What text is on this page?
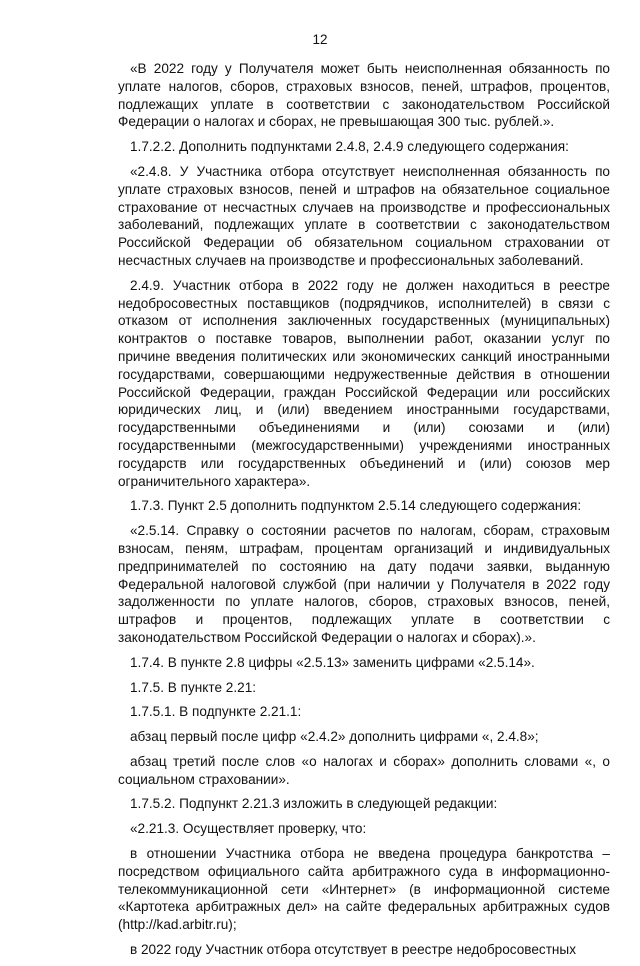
12

«В 2022 году у Получателя может быть неисполненная обязанность по уплате налогов, сборов, страховых взносов, пеней, штрафов, процентов, подлежащих уплате в соответствии с законодательством Российской Федерации о налогах и сборах, не превышающая 300 тыс. рублей.».

1.7.2.2. Дополнить подпунктами 2.4.8, 2.4.9 следующего содержания:

«2.4.8. У Участника отбора отсутствует неисполненная обязанность по уплате страховых взносов, пеней и штрафов на обязательное социальное страхование от несчастных случаев на производстве и профессиональных заболеваний, подлежащих уплате в соответствии с законодательством Российской Федерации об обязательном социальном страховании от несчастных случаев на производстве и профессиональных заболеваний.

2.4.9. Участник отбора в 2022 году не должен находиться в реестре недобросовестных поставщиков (подрядчиков, исполнителей) в связи с отказом от исполнения заключенных государственных (муниципальных) контрактов о поставке товаров, выполнении работ, оказании услуг по причине введения политических или экономических санкций иностранными государствами, совершающими недружественные действия в отношении Российской Федерации, граждан Российской Федерации или российских юридических лиц, и (или) введением иностранными государствами, государственными объединениями и (или) союзами и (или) государственными (межгосударственными) учреждениями иностранных государств или государственных объединений и (или) союзов мер ограничительного характера».

1.7.3. Пункт 2.5 дополнить подпунктом 2.5.14 следующего содержания:

«2.5.14. Справку о состоянии расчетов по налогам, сборам, страховым взносам, пеням, штрафам, процентам организаций и индивидуальных предпринимателей по состоянию на дату подачи заявки, выданную Федеральной налоговой службой (при наличии у Получателя в 2022 году задолженности по уплате налогов, сборов, страховых взносов, пеней, штрафов и процентов, подлежащих уплате в соответствии с законодательством Российской Федерации о налогах и сборах).».

1.7.4. В пункте 2.8 цифры «2.5.13» заменить цифрами «2.5.14».

1.7.5. В пункте 2.21:

1.7.5.1. В подпункте 2.21.1:

абзац первый после цифр «2.4.2» дополнить цифрами «, 2.4.8»;

абзац третий после слов «о налогах и сборах» дополнить словами «, о социальном страховании».

1.7.5.2. Подпункт 2.21.3 изложить в следующей редакции:

«2.21.3. Осуществляет проверку, что:

в отношении Участника отбора не введена процедура банкротства – посредством официального сайта арбитражного суда в информационно-телекоммуникационной сети «Интернет» (в информационной системе «Картотека арбитражных дел» на сайте федеральных арбитражных судов (http://kad.arbitr.ru);

в 2022 году Участник отбора отсутствует в реестре недобросовестных
